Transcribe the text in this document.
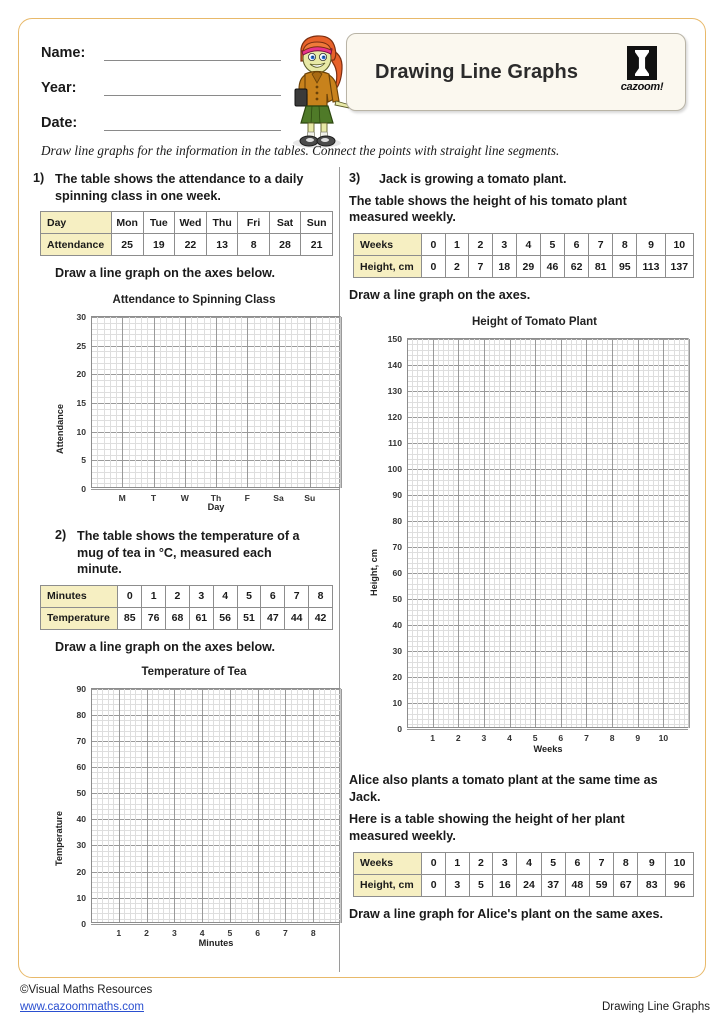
Name:
Year:
Date:
Drawing Line Graphs
cazoom!
Draw line graphs for the information in the tables. Connect the points with straight line segments.
1) The table shows the attendance to a daily spinning class in one week.
Day	Mon	Tue	Wed	Thu	Fri	Sat	Sun
Attendance	25	19	22	13	8	28	21
Draw a line graph on the axes below.
Attendance to Spinning Class
0
5
10
15
20
25
30
M	T	W	Th	F	Sa Su
Attendance
Day
2) The table shows the temperature of a mug of tea in °C, measured each minute.
Minutes	0	1	2	3	4	5	6	7	8
Temperature	85	76	68	61	56	51	47	44	42
Draw a line graph on the axes below.
Temperature of Tea
0
10
20
30
40
50
60
70
80
90
1	2	3	4	5	6	7	8
Temperature
Minutes
3)	Jack is growing a tomato plant.
The table shows the height of his tomato plant measured weekly.
Weeks	0	1	2	3	4	5	6	7	8	9	10
Height, cm	0	2	7	18	29	46	62	81	95	113	137
Draw a line graph on the axes.
Height of Tomato Plant
0
10
20
30
40
50
60
70
80
90
100
110
120
130
140
150
1 2 3 4 5 6 7 8 9 10
Height, cm
Weeks
Alice also plants a tomato plant at the same time as Jack.
Here is a table showing the height of her plant measured weekly.
Weeks	0	1	2	3	4	5	6	7	8	9	10
Height, cm	0	3	5	16	24	37	48	59	67	83	96
Draw a line graph for Alice's plant on the same axes.
©Visual Maths Resources
www.cazoommaths.com	Drawing Line Graphs
